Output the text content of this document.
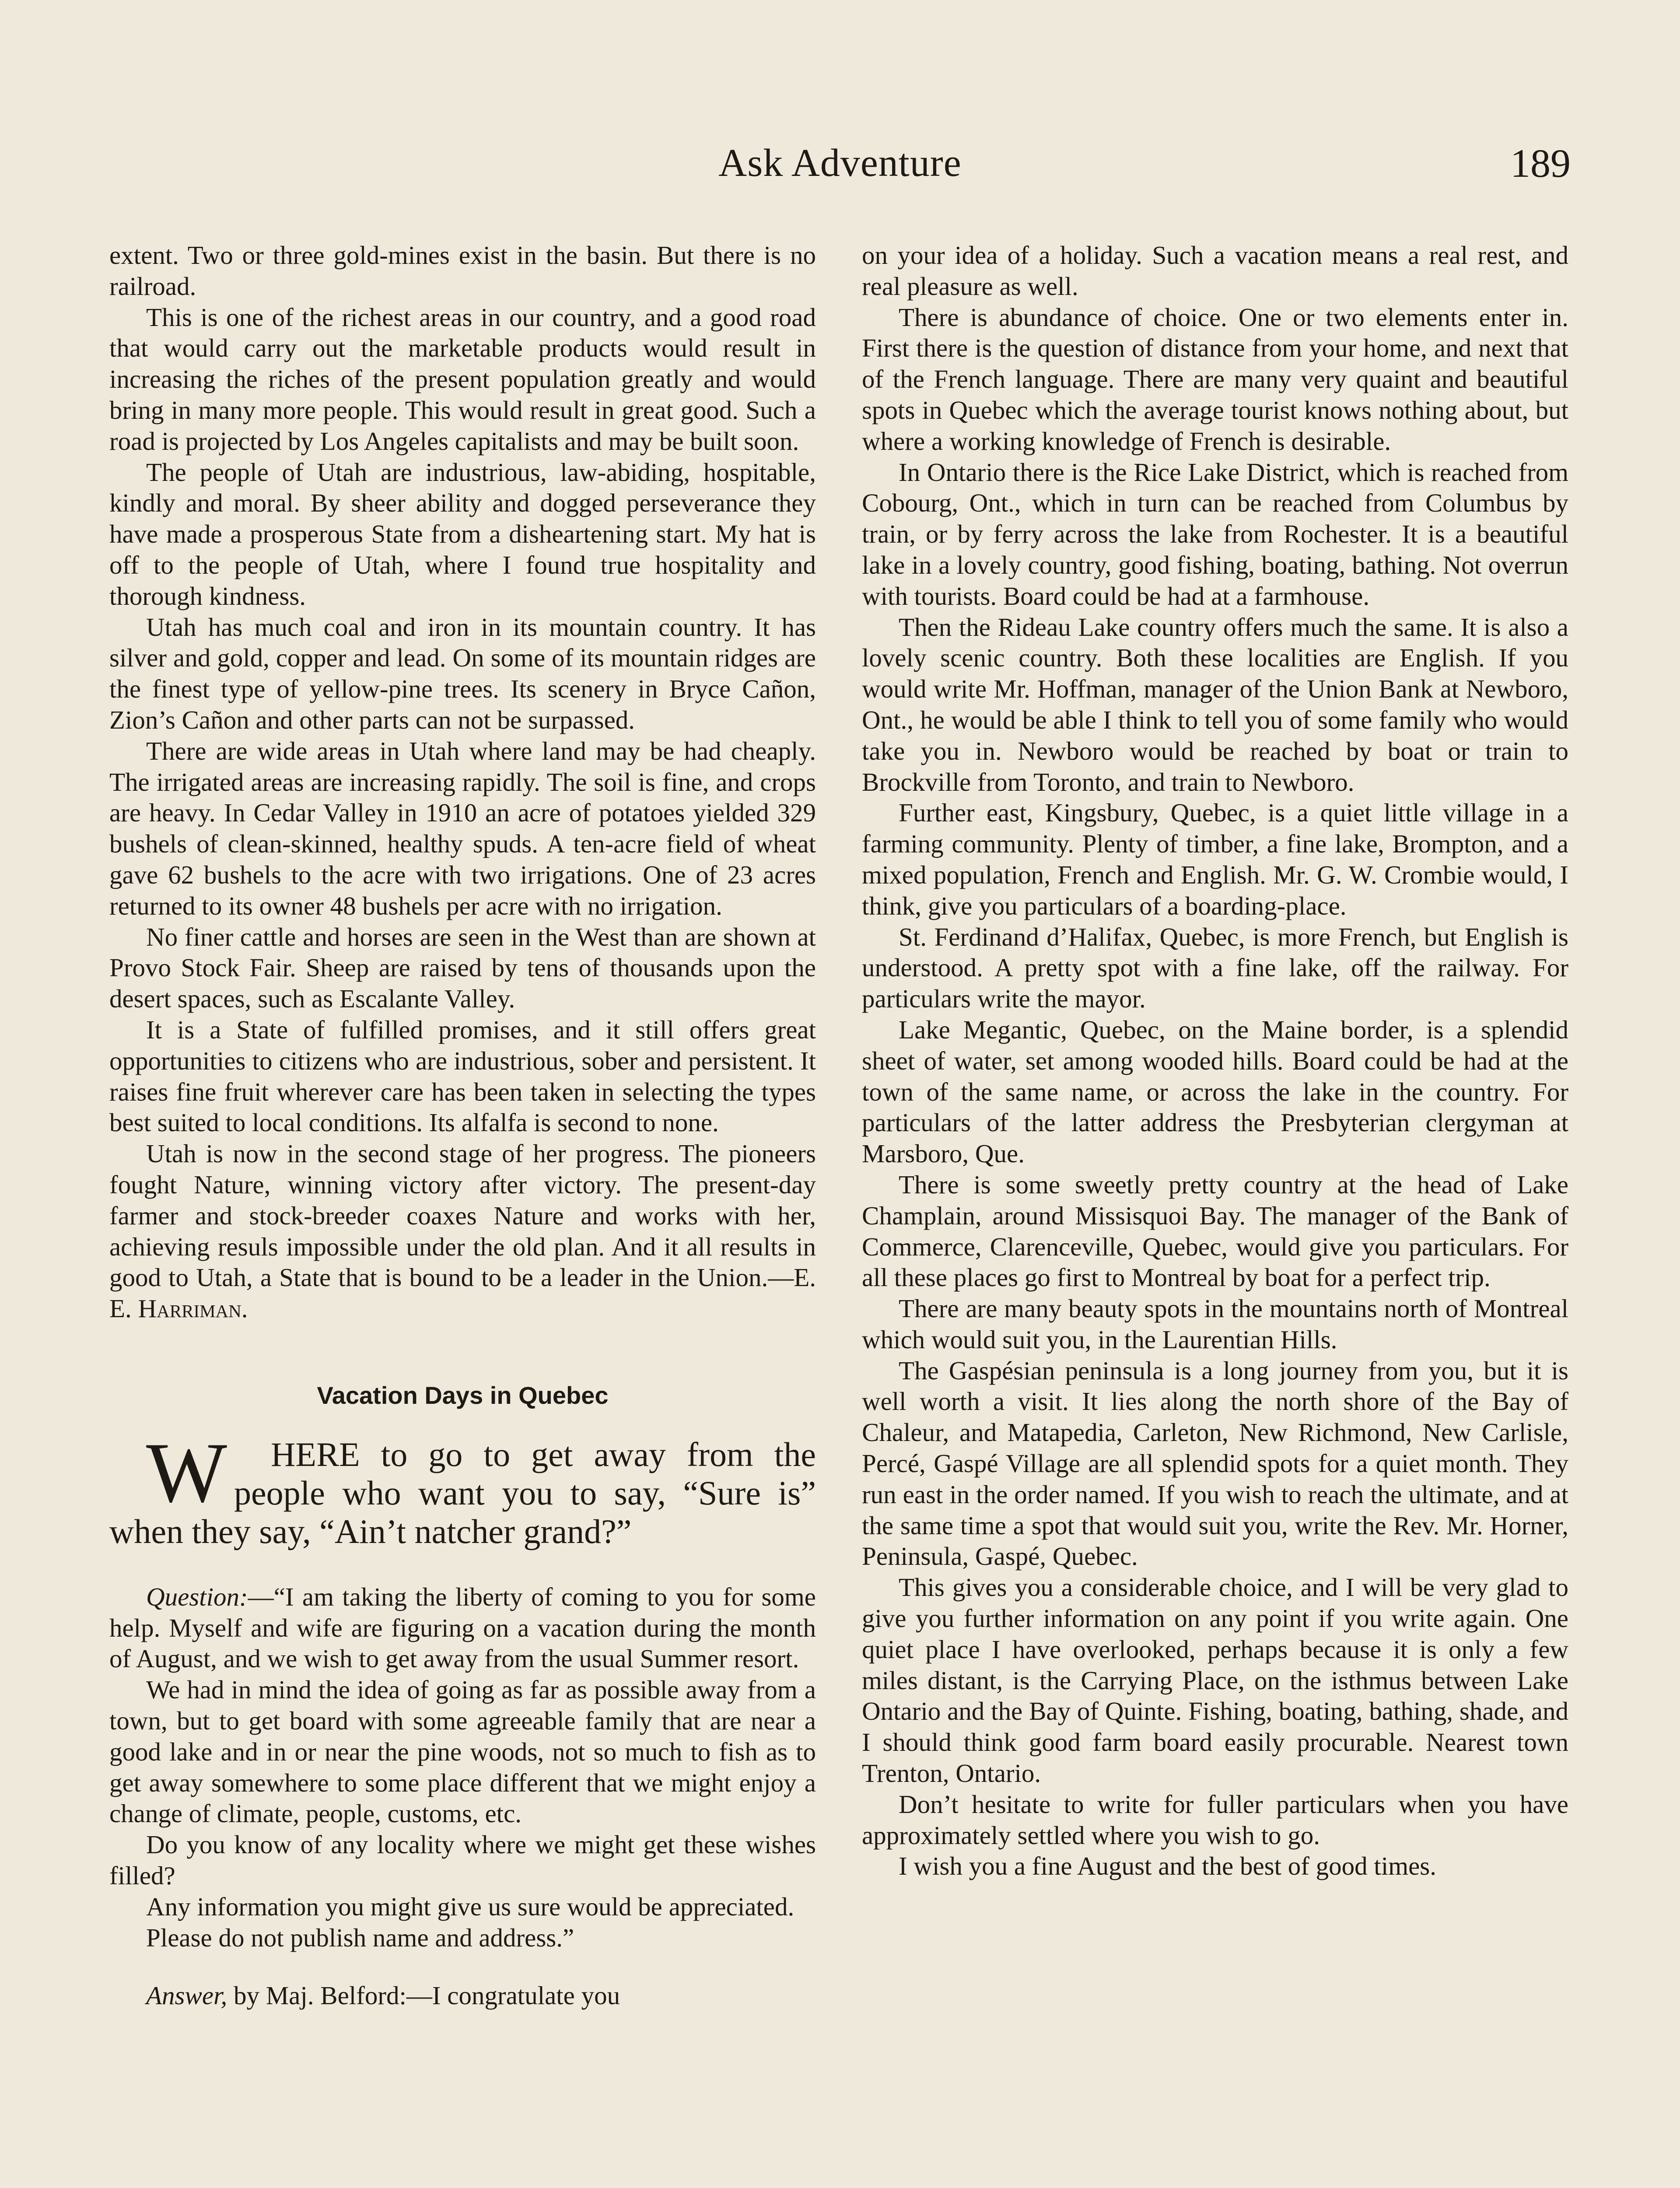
Ask Adventure	189

extent. Two or three gold-mines exist in the basin. But there is no railroad.

This is one of the richest areas in our country, and a good road that would carry out the marketable products would result in increasing the riches of the present population greatly and would bring in many more people. This would result in great good. Such a road is projected by Los Angeles capitalists and may be built soon.

The people of Utah are industrious, law-abiding, hospitable, kindly and moral. By sheer ability and dogged perseverance they have made a prosperous State from a disheartening start. My hat is off to the people of Utah, where I found true hospitality and thorough kindness.

Utah has much coal and iron in its mountain country. It has silver and gold, copper and lead. On some of its mountain ridges are the finest type of yellow-pine trees. Its scenery in Bryce Cañon, Zion’s Cañon and other parts can not be surpassed.

There are wide areas in Utah where land may be had cheaply. The irrigated areas are increasing rapidly. The soil is fine, and crops are heavy. In Cedar Valley in 1910 an acre of potatoes yielded 329 bushels of clean-skinned, healthy spuds. A ten-acre field of wheat gave 62 bushels to the acre with two irrigations. One of 23 acres returned to its owner 48 bushels per acre with no irrigation.

No finer cattle and horses are seen in the West than are shown at Provo Stock Fair. Sheep are raised by tens of thousands upon the desert spaces, such as Escalante Valley.

It is a State of fulfilled promises, and it still offers great opportunities to citizens who are industrious, sober and persistent. It raises fine fruit wherever care has been taken in selecting the types best suited to local conditions. Its alfalfa is second to none.

Utah is now in the second stage of her progress. The pioneers fought Nature, winning victory after victory. The present-day farmer and stock-breeder coaxes Nature and works with her, achieving resuls impossible under the old plan. And it all results in good to Utah, a State that is bound to be a leader in the Union.—E. E. Harriman.

Vacation Days in Quebec

W HERE to go to get away from the people who want you to say, “Sure is” when they say, “Ain’t natcher grand?”

Question:—“I am taking the liberty of coming to you for some help. Myself and wife are figuring on a vacation during the month of August, and we wish to get away from the usual Summer resort.

We had in mind the idea of going as far as possible away from a town, but to get board with some agreeable family that are near a good lake and in or near the pine woods, not so much to fish as to get away somewhere to some place different that we might enjoy a change of climate, people, customs, etc.

Do you know of any locality where we might get these wishes filled?

Any information you might give us sure would be appreciated.

Please do not publish name and address.”

Answer, by Maj. Belford:—I congratulate you

on your idea of a holiday. Such a vacation means a real rest, and real pleasure as well.

There is abundance of choice. One or two elements enter in. First there is the question of distance from your home, and next that of the French language. There are many very quaint and beautiful spots in Quebec which the average tourist knows nothing about, but where a working knowledge of French is desirable.

In Ontario there is the Rice Lake District, which is reached from Cobourg, Ont., which in turn can be reached from Columbus by train, or by ferry across the lake from Rochester. It is a beautiful lake in a lovely country, good fishing, boating, bathing. Not overrun with tourists. Board could be had at a farmhouse.

Then the Rideau Lake country offers much the same. It is also a lovely scenic country. Both these localities are English. If you would write Mr. Hoffman, manager of the Union Bank at Newboro, Ont., he would be able I think to tell you of some family who would take you in. Newboro would be reached by boat or train to Brockville from Toronto, and train to Newboro.

Further east, Kingsbury, Quebec, is a quiet little village in a farming community. Plenty of timber, a fine lake, Brompton, and a mixed population, French and English. Mr. G. W. Crombie would, I think, give you particulars of a boarding-place.

St. Ferdinand d’Halifax, Quebec, is more French, but English is understood. A pretty spot with a fine lake, off the railway. For particulars write the mayor.

Lake Megantic, Quebec, on the Maine border, is a splendid sheet of water, set among wooded hills. Board could be had at the town of the same name, or across the lake in the country. For particulars of the latter address the Presbyterian clergyman at Marsboro, Que.

There is some sweetly pretty country at the head of Lake Champlain, around Missisquoi Bay. The manager of the Bank of Commerce, Clarenceville, Quebec, would give you particulars. For all these places go first to Montreal by boat for a perfect trip.

There are many beauty spots in the mountains north of Montreal which would suit you, in the Laurentian Hills.

The Gaspésian peninsula is a long journey from you, but it is well worth a visit. It lies along the north shore of the Bay of Chaleur, and Matapedia, Carleton, New Richmond, New Carlisle, Percé, Gaspé Village are all splendid spots for a quiet month. They run east in the order named. If you wish to reach the ultimate, and at the same time a spot that would suit you, write the Rev. Mr. Horner, Peninsula, Gaspé, Quebec.

This gives you a considerable choice, and I will be very glad to give you further information on any point if you write again. One quiet place I have overlooked, perhaps because it is only a few miles distant, is the Carrying Place, on the isthmus between Lake Ontario and the Bay of Quinte. Fishing, boating, bathing, shade, and I should think good farm board easily procurable. Nearest town Trenton, Ontario.

Don’t hesitate to write for fuller particulars when you have approximately settled where you wish to go.

I wish you a fine August and the best of good times.
